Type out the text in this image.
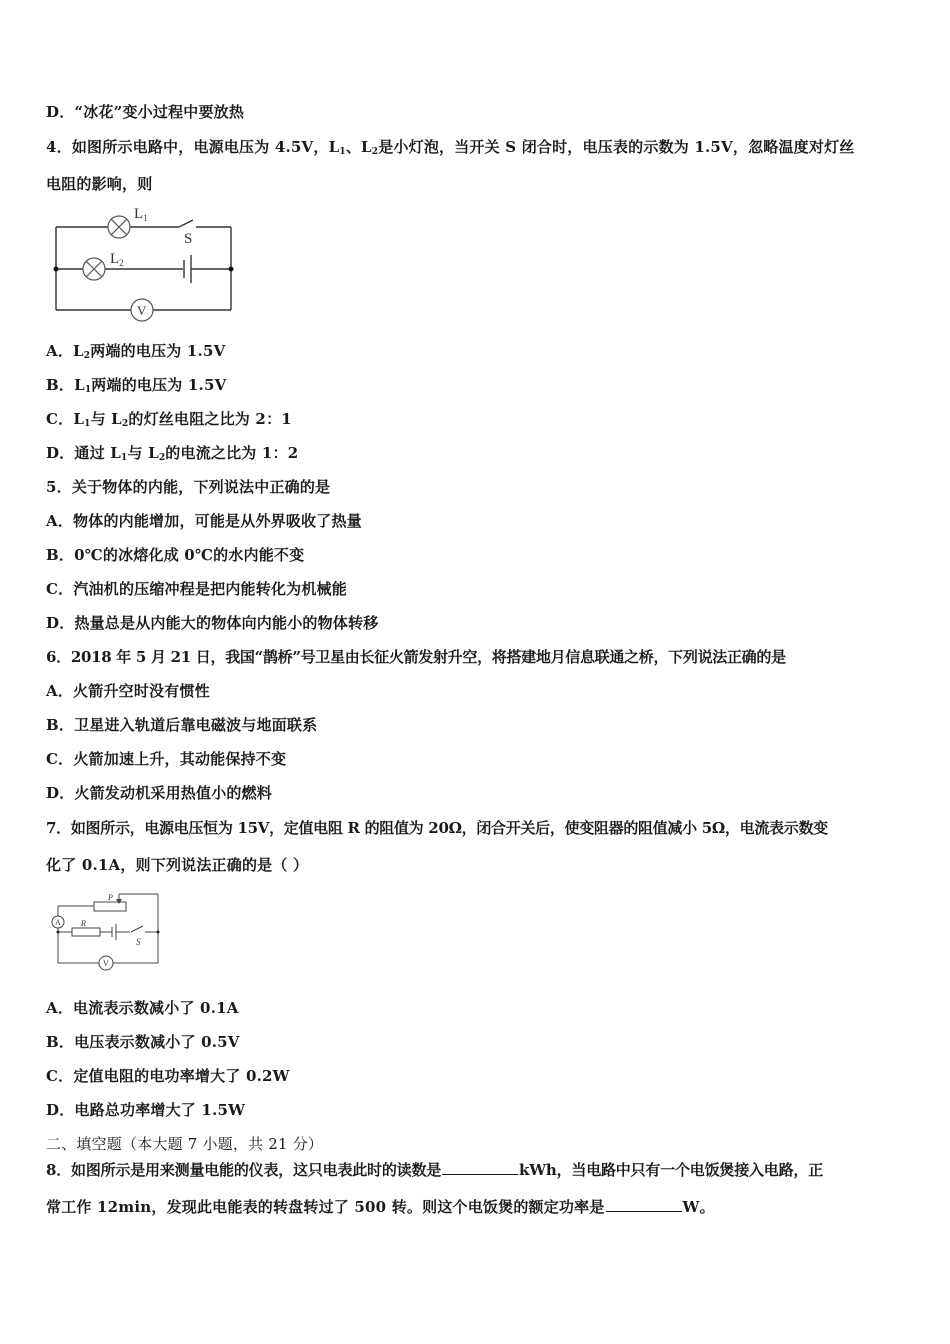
D．“冰花”变小过程中要放热
4．如图所示电路中，电源电压为 4.5V，$L_1$、$L_2$是小灯泡，当开关 S 闭合时，电压表的示数为 1.5V，忽略温度对灯丝
电阻的影响，则
$L_1$
$L_2$
S
V
A．$L_2$两端的电压为 1.5V
B．$L_1$两端的电压为 1.5V
C．$L_1$与 $L_2$的灯丝电阻之比为 2：1
D．通过 $L_1$与 $L_2$的电流之比为 1：2
5．关于物体的内能，下列说法中正确的是
A．物体的内能增加，可能是从外界吸收了热量
B．0℃的冰熔化成 0℃的水内能不变
C．汽油机的压缩冲程是把内能转化为机械能
D．热量总是从内能大的物体向内能小的物体转移
6．2018 年 5 月 21 日，我国“鹊桥”号卫星由长征火箭发射升空，将搭建地月信息联通之桥，下列说法正确的是
A．火箭升空时没有惯性
B．卫星进入轨道后靠电磁波与地面联系
C．火箭加速上升，其动能保持不变
D．火箭发动机采用热值小的燃料
7．如图所示，电源电压恒为 15V，定值电阻 R 的阻值为 20Ω，闭合开关后，使变阻器的阻值减小 5Ω，电流表示数变
化了 0.1A，则下列说法正确的是（ ）
A
V
R
P
S
A．电流表示数减小了 0.1A
B．电压表示数减小了 0.5V
C．定值电阻的电功率增大了 0.2W
D．电路总功率增大了 1.5W
二、填空题（本大题 7 小题，共 21 分）
8．如图所示是用来测量电能的仪表，这只电表此时的读数是	kWh，当电路中只有一个电饭煲接入电路，正
常工作 12min，发现此电能表的转盘转过了 500 转。则这个电饭煲的额定功率是	W。
